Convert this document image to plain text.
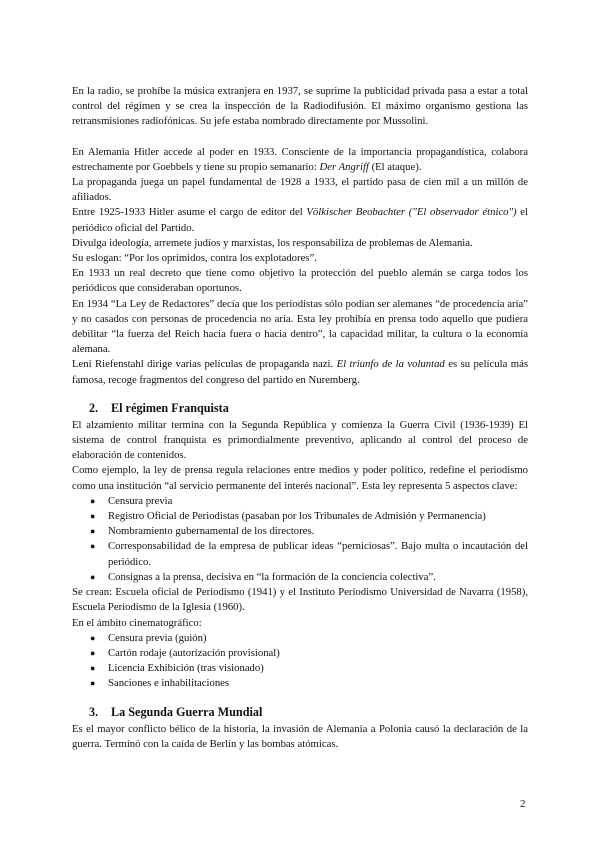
En la radio, se prohíbe la música extranjera en 1937, se suprime la publicidad privada pasa a estar a total control del régimen y se crea la inspección de la Radiodifusión. El máximo organismo gestiona las retransmisiones radiofónicas. Su jefe estaba nombrado directamente por Mussolini.

En Alemania Hitler accede al poder en 1933. Consciente de la importancia propagandística, colabora estrechamente por Goebbels y tiene su propio semanario: Der Angriff (El ataque).

La propaganda juega un papel fundamental de 1928 a 1933, el partido pasa de cien mil a un millón de afiliados.

Entre 1925-1933 Hitler asume el cargo de editor del Völkischer Beobachter ("El observador étnico") el periódico oficial del Partido.

Divulga ideología, arremete judíos y marxistas, los responsabiliza de problemas de Alemania.

Su eslogan: “Por los oprimidos, contra los explotadores”.

En 1933 un real decreto que tiene como objetivo la protección del pueblo alemán se carga todos los periódicos que consideraban oportunos.

En 1934 “La Ley de Redactores” decía que los periodistas sólo podían ser alemanes “de procedencia aria” y no casados con personas de procedencia no aria. Esta ley prohibía en prensa todo aquello que pudiera debilitar “la fuerza del Reich hacia fuera o hacia dentro”, la capacidad militar, la cultura o la economía alemana.

Leni Riefenstahl dirige varias películas de propaganda nazi. El triunfo de la voluntad es su película más famosa, recoge fragmentos del congreso del partido en Nuremberg.

2. El régimen Franquista

El alzamiento militar termina con la Segunda República y comienza la Guerra Civil (1936-1939) El sistema de control franquista es primordialmente preventivo, aplicando al control del proceso de elaboración de contenidos.

Como ejemplo, la ley de prensa regula relaciones entre medios y poder político, redefine el periodismo como una institución “al servicio permanente del interés nacional”. Esta ley representa 5 aspectos clave:

● Censura previa
● Registro Oficial de Periodistas (pasaban por los Tribunales de Admisión y Permanencia)
● Nombramiento gubernamental de los directores.
● Corresponsabilidad de la empresa de publicar ideas “perniciosas”. Bajo multa o incautación del periódico.
● Consignas a la prensa, decisiva en “la formación de la conciencia colectiva”.

Se crean: Escuela oficial de Periodismo (1941) y el Instituto Periodismo Universidad de Navarra (1958), Escuela Periodismo de la Iglesia (1960).

En el ámbito cinematográfico:

● Censura previa (guión)
● Cartón rodaje (autorización provisional)
● Licencia Exhibición (tras visionado)
● Sanciones e inhabilitaciones
3. La Segunda Guerra Mundial

Es el mayor conflicto bélico de la historia, la invasión de Alemania a Polonia causó la declaración de la guerra. Terminó con la caída de Berlín y las bombas atómicas.

2
